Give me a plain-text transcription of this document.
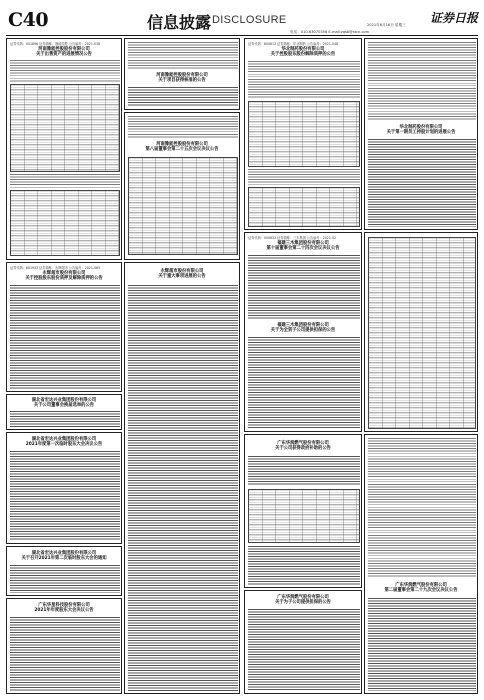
C40	信息披露 DISCLOSURE	2021年6月16日 星期三
电话：010-63070356 E-mail:zqsb@stcn.com
证券日报
证券代码：001896 证券简称：豫能控股 公告编号：2021-038
河南豫能控股股份有限公司
关于出售资产的进展情况公告
证券代码：601933 证券简称：永辉超市 公告编号：2021-065
永辉超市股份有限公司
关于控股股东股份质押及解除质押的公告
湖北省宏达兴业集团股份有限公司
关于公司董事会换届选举的公告
湖北省宏达兴业集团股份有限公司
2021年度第一次临时股东大会决议公告
湖北省宏达兴业集团股份有限公司
关于召开2021年第二次临时股东大会的通知
广东华星科技股份有限公司
2021年年度股东大会决议公告
河南豫能控股股份有限公司
关于项目获得核准的公告
河南豫能控股股份有限公司
第八届董事会第二十五次会议决议公告
永辉超市股份有限公司
关于重大事项进展的公告
证券代码：600812 证券简称：华北制药 公告编号：2021-048
华北制药股份有限公司
关于控股股东股份解除质押的公告
证券代码：000632 证券简称：三木集团 公告编号：2021-52
福建三木集团股份有限公司
第十届董事会第二十四次会议决议公告
福建三木集团股份有限公司
关于为全资子公司提供担保的公告
广东华润燃气股份有限公司
关于公司获得政府补助的公告
广东华润燃气股份有限公司
关于为子公司提供担保的公告
华北制药股份有限公司
关于第一期员工持股计划的进展公告
广东华润燃气股份有限公司
第二届董事会第二十九次会议决议公告
